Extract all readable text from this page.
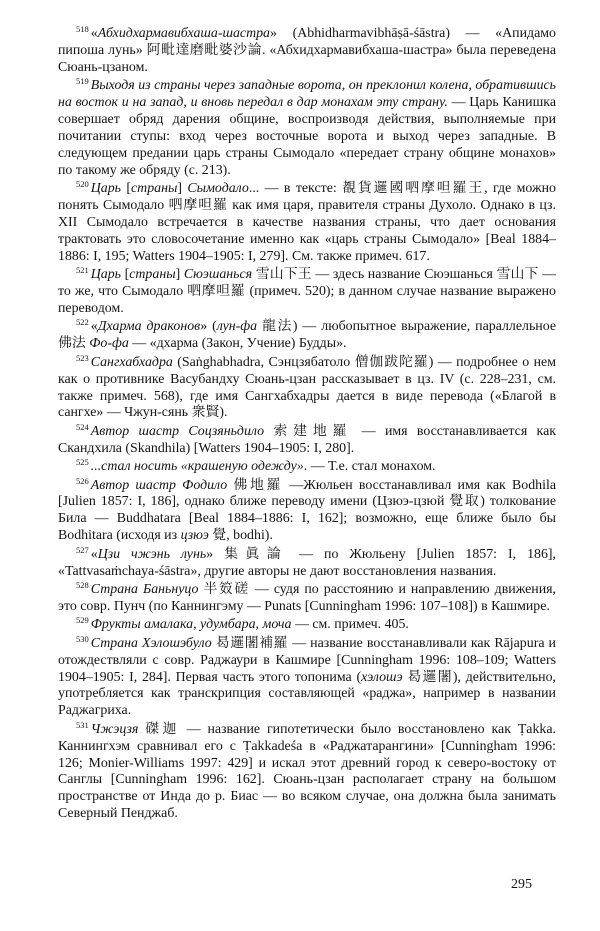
$^{518}$ «Абхидхармавибхаша-шастра» (Abhidharmavibhāṣā-śāstra) — «Апидамо пипоша лунь» 阿毗達磨毗婆沙論. «Абхидхармавибхаша-шастра» была переведена Сюань-цзаном.

$^{519}$ Выходя из страны через западные ворота, он преклонил колена, обратившись на восток и на запад, и вновь передал в дар монахам эту страну. — Царь Канишка совершает обряд дарения общине, воспроизводя действия, выполняемые при почитании ступы: вход через восточные ворота и выход через западные. В следующем предании царь страны Сымодало «передает страну общине монахов» по такому же обряду (с. 213).

$^{520}$ Царь [страны] Сымодало... — в тексте: 覩貨邏國呬摩呾羅王, где можно понять Сымодало 呬摩呾羅 как имя царя, правителя страны Духоло. Однако в цз. XII Сымодало встречается в качестве названия страны, что дает основания трактовать это словосочетание именно как «царь страны Сымодало» [Beal 1884–1886: I, 195; Watters 1904–1905: I, 279]. См. также примеч. 617.

$^{521}$ Царь [страны] Сюэшанься 雪山下王 — здесь название Сюэшанься 雪山下 — то же, что Сымодало 呬摩呾羅 (примеч. 520); в данном случае название выражено переводом.

$^{522}$ «Дхарма драконов» (лун-фа 龍法) — любопытное выражение, параллельное 佛法 Фо-фа — «дхарма (Закон, Учение) Будды».

$^{523}$ Сангхабхадра (Saṅghabhadra, Сэнцзябатоло 僧伽跋陀羅) — подробнее о нем как о противнике Васубандху Сюань-цзан рассказывает в цз. IV (с. 228–231, см. также примеч. 568), где имя Сангхабхадры дается в виде перевода («Благой в сангхе» — Чжун-сянь 衆賢).

$^{524}$ Автор шастр Соцзяньдило 索建地羅 — имя восстанавливается как Скандхила (Skandhila) [Watters 1904–1905: I, 280].

$^{525}$ ...стал носить «крашеную одежду». — Т.е. стал монахом.

$^{526}$ Автор шастр Фодило 佛地羅 —Жюльен восстанавливал имя как Bodhila [Julien 1857: I, 186], однако ближе переводу имени (Цзюэ-цзюй 覺取) толкование Била — Buddhatara [Beal 1884–1886: I, 162]; возможно, еще ближе было бы Bodhitara (исходя из цзюэ 覺, bodhi).

$^{527}$ «Цзи чжэнь лунь» 集眞論 — по Жюльену [Julien 1857: I, 186], «Tattvasaṁchaya-śāstra», другие авторы не дают восстановления названия.

$^{528}$ Страна Баньнуцо 半笯磋 — судя по расстоянию и направлению движения, это совр. Пунч (по Каннингэму — Punats [Cunningham 1996: 107–108]) в Кашмире.

$^{529}$ Фрукты амалака, удумбара, моча — см. примеч. 405.

$^{530}$ Страна Хэлошэбуло 曷邏闍補羅 — название восстанавливали как Rājapura и отождествляли с совр. Раджаури в Кашмире [Cunningham 1996: 108–109; Watters 1904–1905: I, 284]. Первая часть этого топонима (хэлошэ 曷邏闍), действительно, употребляется как транскрипция составляющей «раджа», например в названии Раджагриха.

$^{531}$ Чжэцзя 磔迦 — название гипотетически было восстановлено как Ṭakka. Каннингхэм сравнивал его с Ṭakkadeśa в «Раджатарангини» [Cunningham 1996: 126; Monier-Williams 1997: 429] и искал этот древний город к северо-востоку от Санглы [Cunningham 1996: 162]. Сюань-цзан располагает страну на большом пространстве от Инда до р. Биас — во всяком случае, она должна была занимать Северный Пенджаб.

295
